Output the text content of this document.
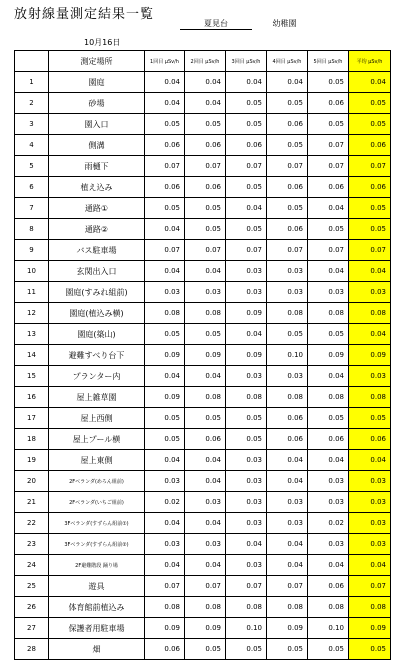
放射線量測定結果一覧
夏見台	幼稚園
10月16日
	測定場所	1回目 μSv/h	2回目 μSv/h	3回目 μSv/h	4回目 μSv/h	5回目 μSv/h	平均 μSv/h
1	園庭	0.04	0.04	0.04	0.04	0.05	0.04
2	砂場	0.04	0.04	0.05	0.05	0.06	0.05
3	園入口	0.05	0.05	0.05	0.06	0.05	0.05
4	側溝	0.06	0.06	0.06	0.05	0.07	0.06
5	雨樋下	0.07	0.07	0.07	0.07	0.07	0.07
6	植え込み	0.06	0.06	0.05	0.06	0.06	0.06
7	通路①	0.05	0.05	0.04	0.05	0.04	0.05
8	通路②	0.04	0.05	0.05	0.06	0.05	0.05
9	バス駐車場	0.07	0.07	0.07	0.07	0.07	0.07
10	玄関出入口	0.04	0.04	0.03	0.03	0.04	0.04
11	園庭(すみれ組前)	0.03	0.03	0.03	0.03	0.03	0.03
12	園庭(植込み横)	0.08	0.08	0.09	0.08	0.08	0.08
13	園庭(築山)	0.05	0.05	0.04	0.05	0.05	0.04
14	避難すべり台下	0.09	0.09	0.09	0.10	0.09	0.09
15	プランター内	0.04	0.04	0.03	0.03	0.04	0.03
16	屋上雑草園	0.09	0.08	0.08	0.08	0.08	0.08
17	屋上西側	0.05	0.05	0.05	0.06	0.05	0.05
18	屋上プール横	0.05	0.06	0.05	0.06	0.06	0.06
19	屋上東側	0.04	0.04	0.03	0.04	0.04	0.04
20	2Fベランダ(めろん組前)	0.03	0.04	0.03	0.04	0.03	0.03
21	2Fベランダ(いちご組前)	0.02	0.03	0.03	0.03	0.03	0.03
22	3Fベランダ(すずらん組前①)	0.04	0.04	0.03	0.03	0.02	0.03
23	3Fベランダ(すずらん組前②)	0.03	0.03	0.04	0.04	0.03	0.03
24	2F避難階段 踊り場	0.04	0.04	0.03	0.04	0.04	0.04
25	遊具	0.07	0.07	0.07	0.07	0.06	0.07
26	体育館前植込み	0.08	0.08	0.08	0.08	0.08	0.08
27	保護者用駐車場	0.09	0.09	0.10	0.09	0.10	0.09
28	畑	0.06	0.05	0.05	0.05	0.05	0.05
